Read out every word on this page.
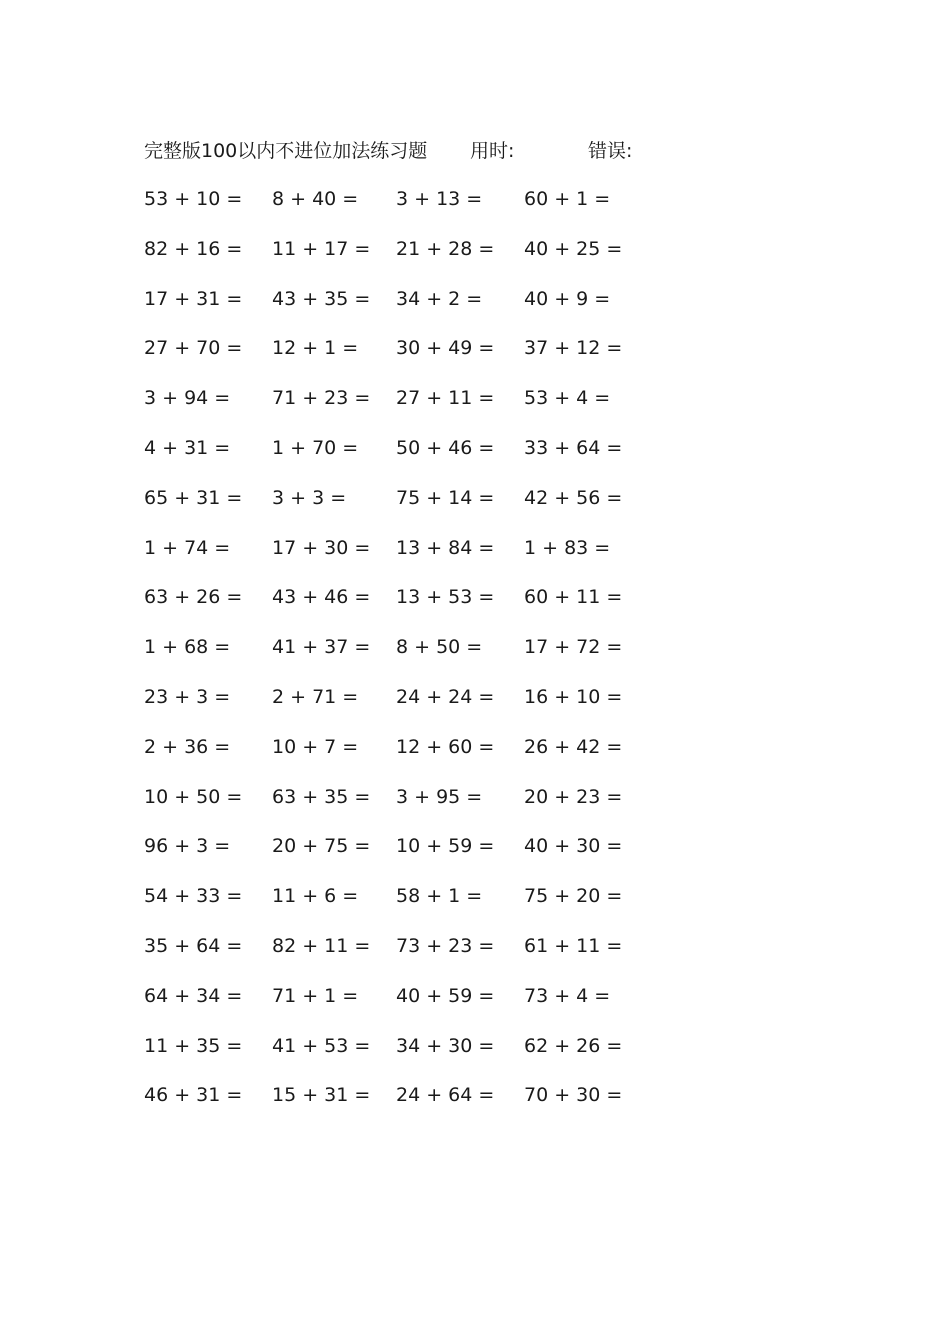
完整版100以内不进位加法练习题 用时:	错误:
53 + 10 = 8 + 40 = 3 + 13 = 60 + 1 =
82 + 16 = 11 + 17 = 21 + 28 = 40 + 25 =
17 + 31 = 43 + 35 = 34 + 2 = 40 + 9 =
27 + 70 = 12 + 1 = 30 + 49 = 37 + 12 =
3 + 94 = 71 + 23 = 27 + 11 = 53 + 4 =
4 + 31 = 1 + 70 = 50 + 46 = 33 + 64 =
65 + 31 = 3 + 3 =	75 + 14 = 42 + 56 =
1 + 74 = 17 + 30 = 13 + 84 = 1 + 83 =
63 + 26 = 43 + 46 = 13 + 53 = 60 + 11 =
1 + 68 = 41 + 37 = 8 + 50 = 17 + 72 =
23 + 3 = 2 + 71 = 24 + 24 = 16 + 10 =
2 + 36 = 10 + 7 = 12 + 60 = 26 + 42 =
10 + 50 = 63 + 35 = 3 + 95 = 20 + 23 =
96 + 3 = 20 + 75 = 10 + 59 = 40 + 30 =
54 + 33 = 11 + 6 = 58 + 1 = 75 + 20 =
35 + 64 = 82 + 11 = 73 + 23 = 61 + 11 =
64 + 34 = 71 + 1 = 40 + 59 = 73 + 4 =
11 + 35 = 41 + 53 = 34 + 30 = 62 + 26 =
46 + 31 = 15 + 31 = 24 + 64 = 70 + 30 =
